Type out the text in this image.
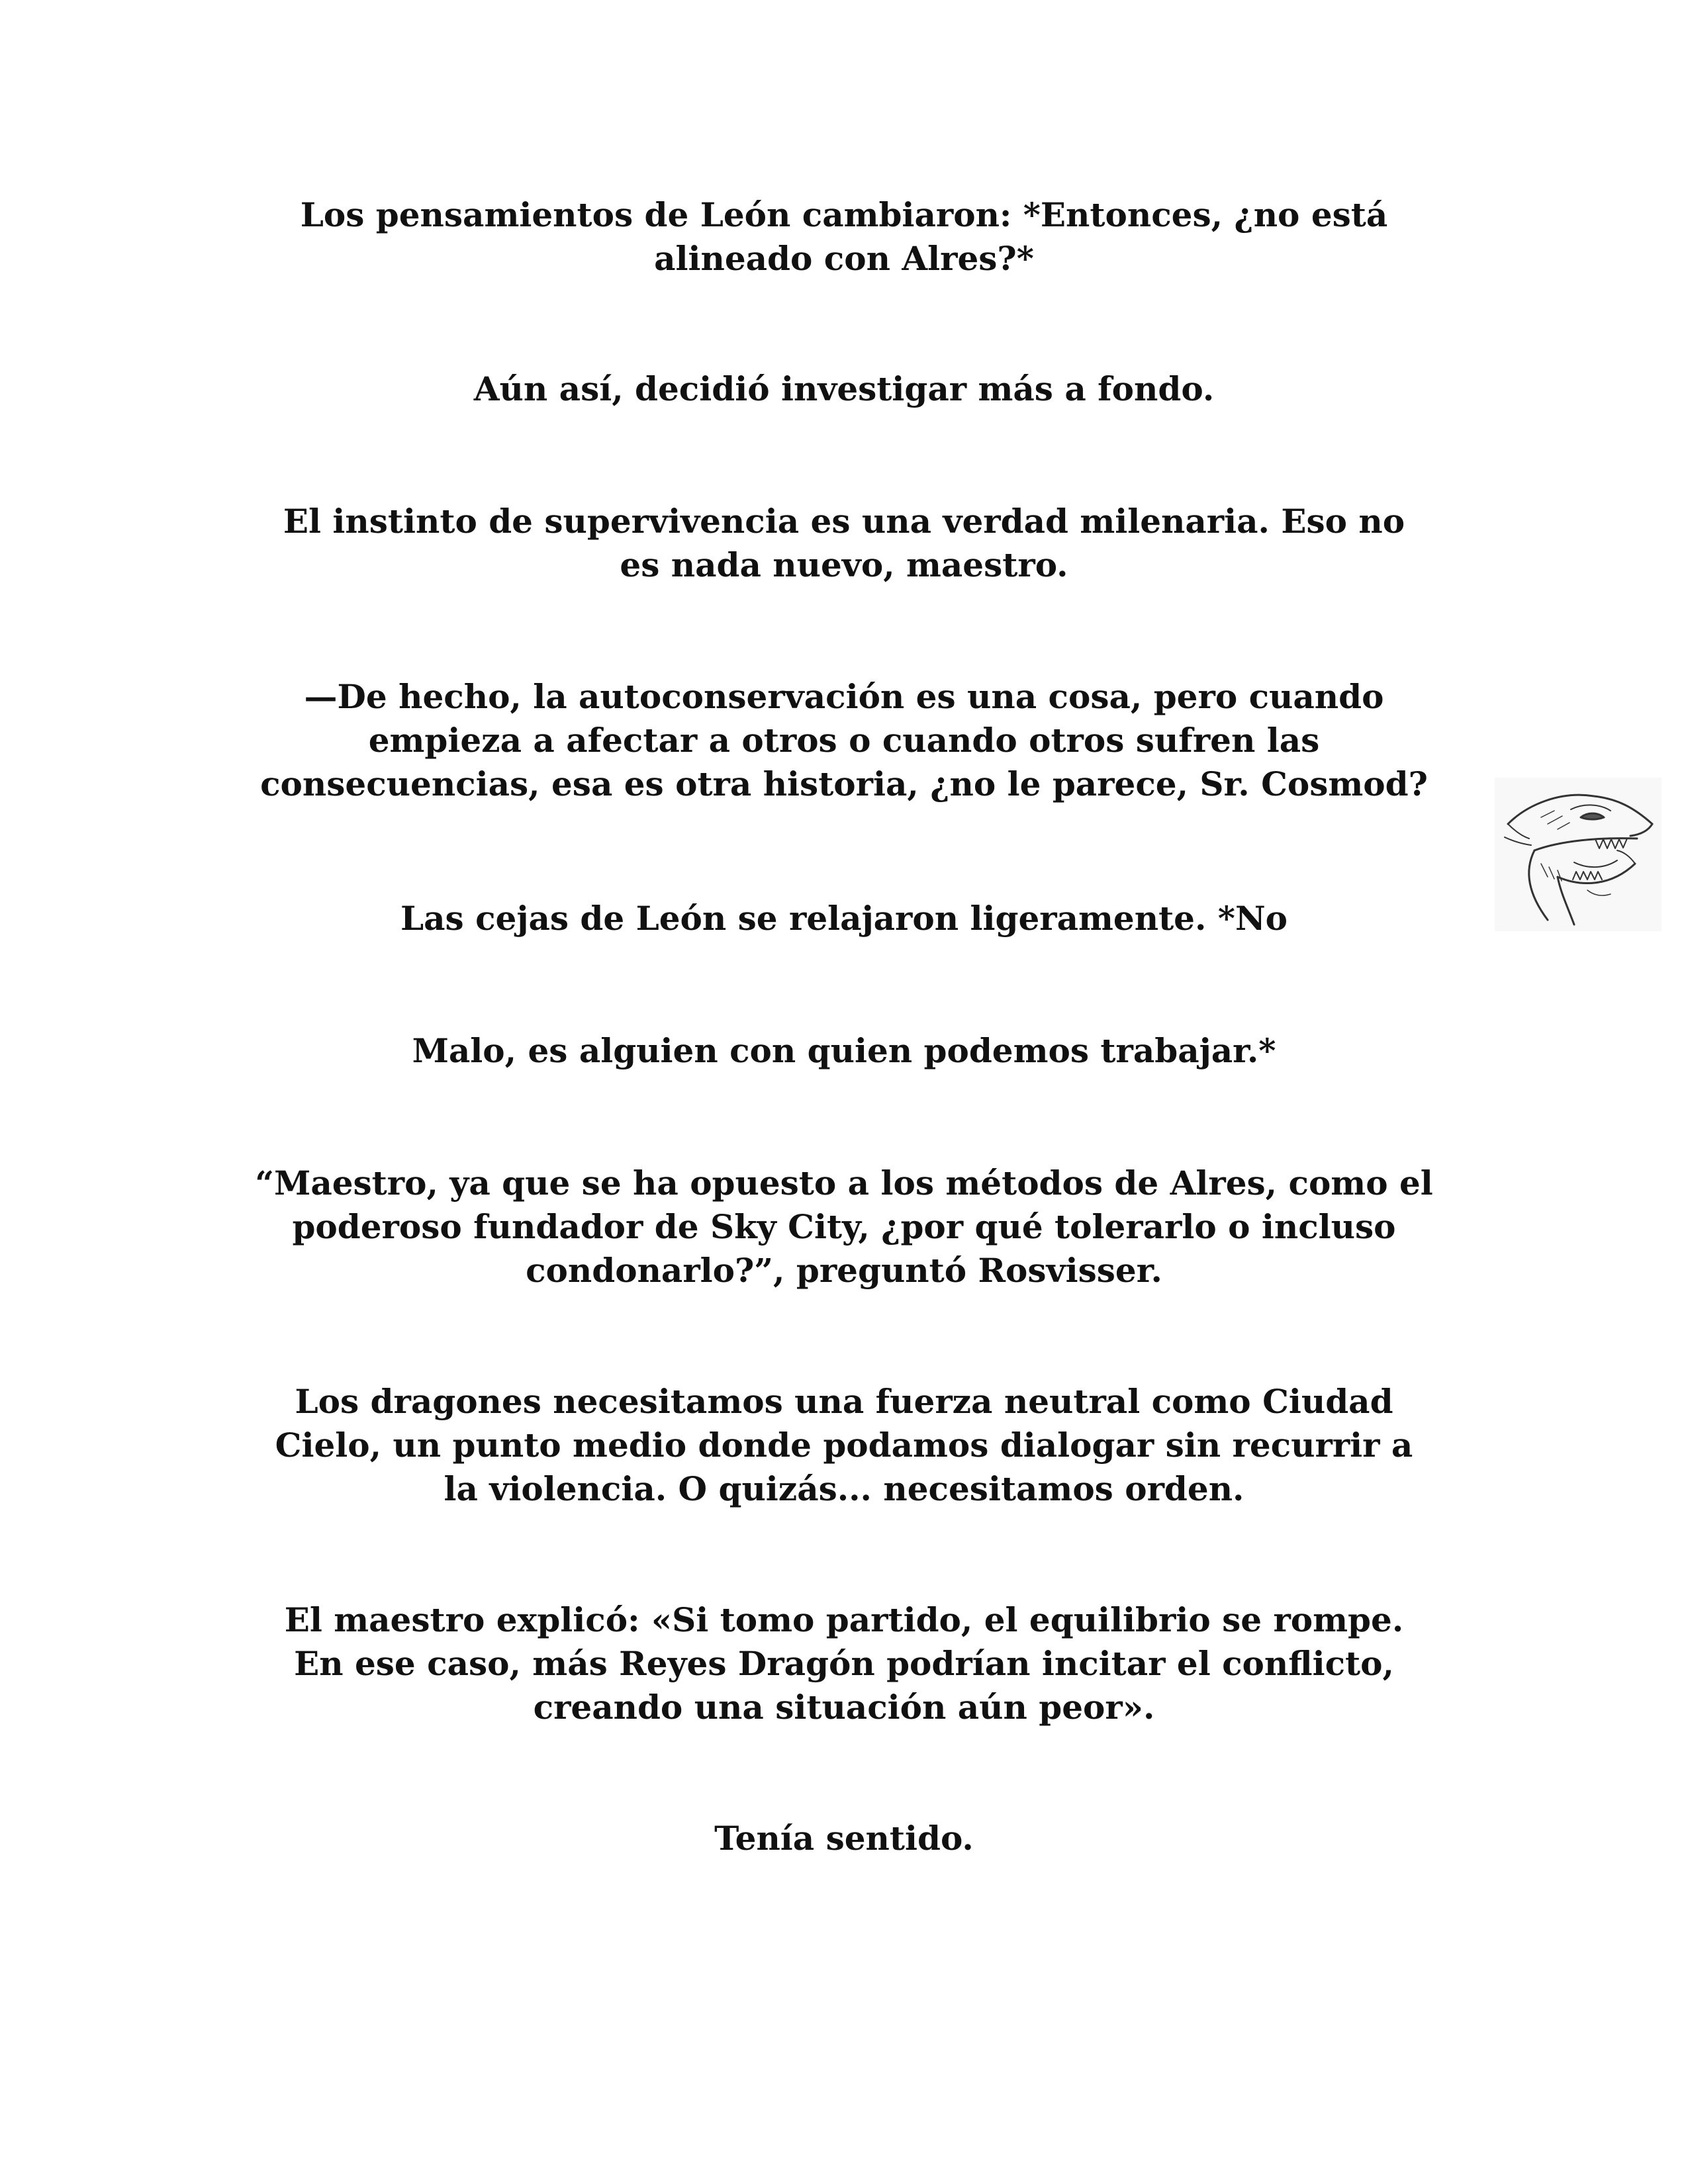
Los pensamientos de León cambiaron: *Entonces, ¿no está
alineado con Alres?*

Aún así, decidió investigar más a fondo.

El instinto de supervivencia es una verdad milenaria. Eso no
es nada nuevo, maestro.

—De hecho, la autoconservación es una cosa, pero cuando
empieza a afectar a otros o cuando otros sufren las
consecuencias, esa es otra historia, ¿no le parece, Sr. Cosmod?

Las cejas de León se relajaron ligeramente. *No

Malo, es alguien con quien podemos trabajar.*

“Maestro, ya que se ha opuesto a los métodos de Alres, como el
poderoso fundador de Sky City, ¿por qué tolerarlo o incluso
condonarlo?”, preguntó Rosvisser.

Los dragones necesitamos una fuerza neutral como Ciudad
Cielo, un punto medio donde podamos dialogar sin recurrir a
la violencia. O quizás... necesitamos orden.

El maestro explicó: «Si tomo partido, el equilibrio se rompe.
En ese caso, más Reyes Dragón podrían incitar el conflicto,
creando una situación aún peor».

Tenía sentido.
